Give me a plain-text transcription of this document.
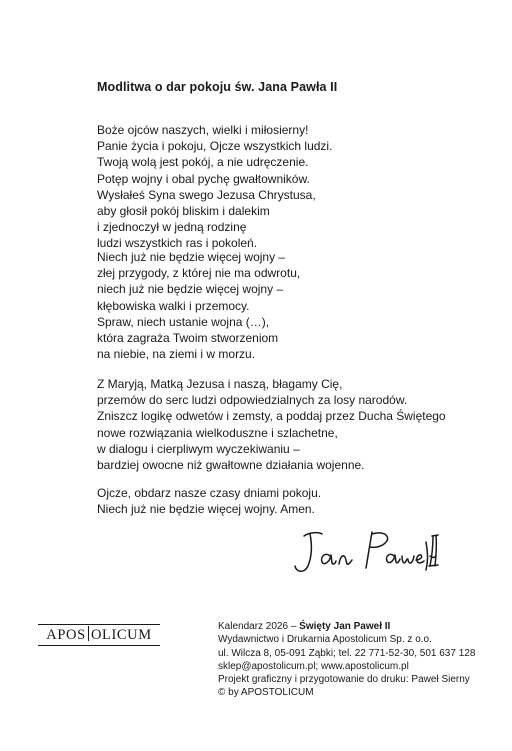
Modlitwa o dar pokoju św. Jana Pawła II
Boże ojców naszych, wielki i miłosierny!
Panie życia i pokoju, Ojcze wszystkich ludzi.
Twoją wolą jest pokój, a nie udręczenie.
Potęp wojny i obal pychę gwałtowników.
Wysłałeś Syna swego Jezusa Chrystusa,
aby głosił pokój bliskim i dalekim
i zjednoczył w jedną rodzinę
ludzi wszystkich ras i pokoleń.
Niech już nie będzie więcej wojny –
złej przygody, z której nie ma odwrotu,
niech już nie będzie więcej wojny –
kłębowiska walki i przemocy.
Spraw, niech ustanie wojna (…),
która zagraża Twoim stworzeniom
na niebie, na ziemi i w morzu.
Z Maryją, Matką Jezusa i naszą, błagamy Cię,
przemów do serc ludzi odpowiedzialnych za losy narodów.
Zniszcz logikę odwetów i zemsty, a poddaj przez Ducha Świętego
nowe rozwiązania wielkoduszne i szlachetne,
w dialogu i cierpliwym wyczekiwaniu –
bardziej owocne niż gwałtowne działania wojenne.
Ojcze, obdarz nasze czasy dniami pokoju.
Niech już nie będzie więcej wojny. Amen.
APOS OLICUM
Kalendarz 2026 – Święty Jan Paweł II
Wydawnictwo i Drukarnia Apostolicum Sp. z o.o.
ul. Wilcza 8, 05-091 Ząbki; tel. 22 771-52-30, 501 637 128
sklep@apostolicum.pl; www.apostolicum.pl
Projekt graficzny i przygotowanie do druku: Paweł Sierny
© by APOSTOLICUM
